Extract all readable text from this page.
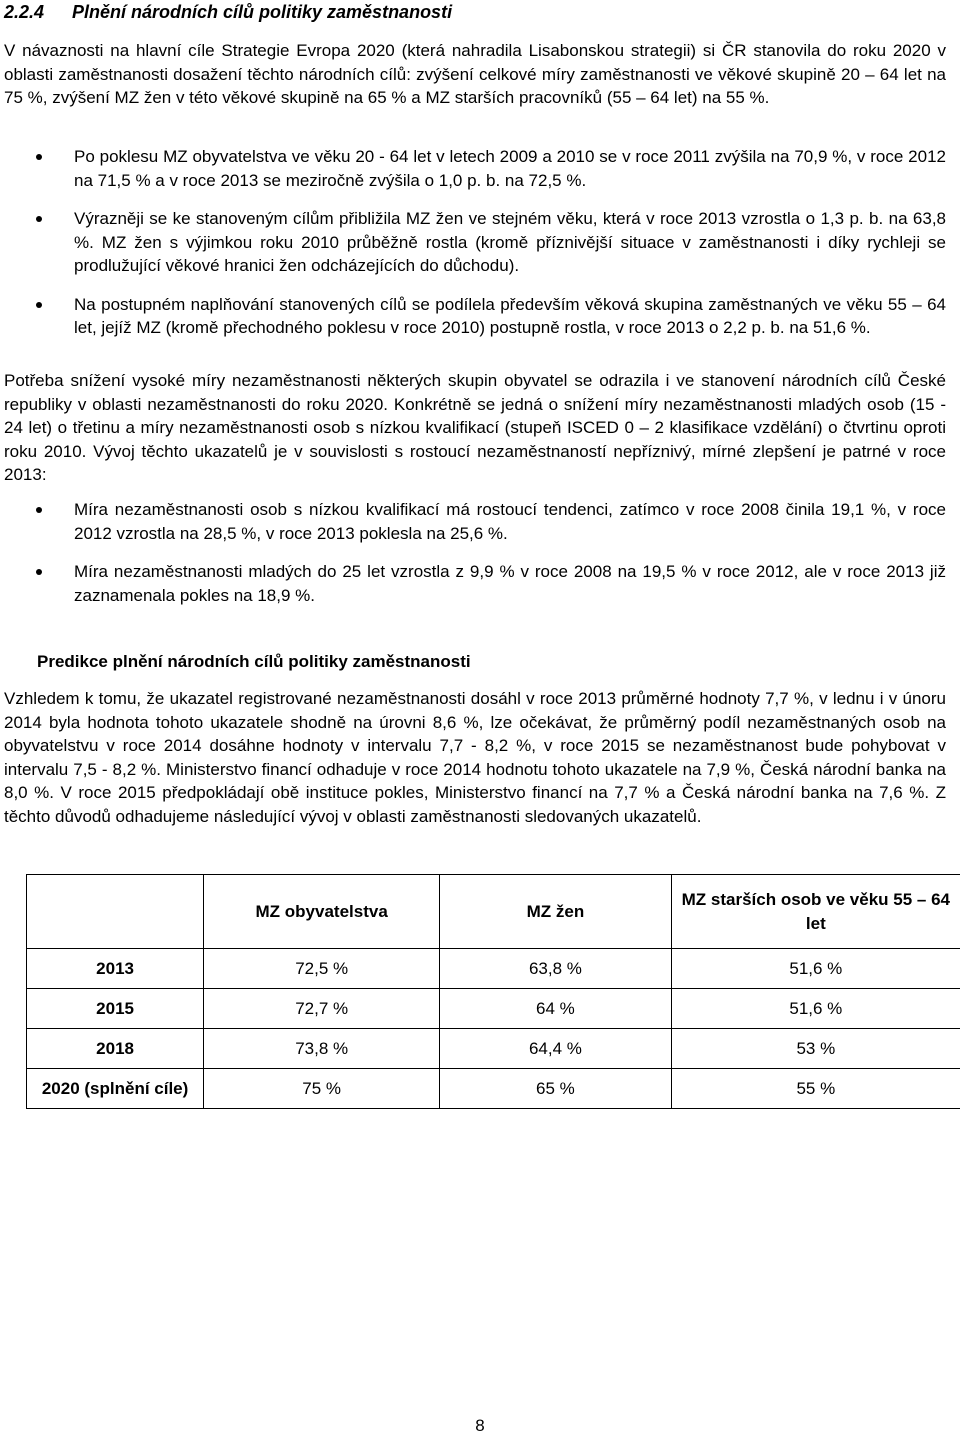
2.2.4 Plnění národních cílů politiky zaměstnanosti

V návaznosti na hlavní cíle Strategie Evropa 2020 (která nahradila Lisabonskou strategii) si ČR stanovila do roku 2020 v oblasti zaměstnanosti dosažení těchto národních cílů: zvýšení celkové míry zaměstnanosti ve věkové skupině 20 – 64 let na 75 %, zvýšení MZ žen v této věkové skupině na 65 % a MZ starších pracovníků (55 – 64 let) na 55 %.

Po poklesu MZ obyvatelstva ve věku 20 - 64 let v letech 2009 a 2010 se v roce 2011 zvýšila na 70,9 %, v roce 2012 na 71,5 % a v roce 2013 se meziročně zvýšila o 1,0 p. b. na 72,5 %.
Výrazněji se ke stanoveným cílům přibližila MZ žen ve stejném věku, která v roce 2013 vzrostla o 1,3 p. b. na 63,8 %. MZ žen s výjimkou roku 2010 průběžně rostla (kromě příznivější situace v zaměstnanosti i díky rychleji se prodlužující věkové hranici žen odcházejících do důchodu).
Na postupném naplňování stanovených cílů se podílela především věková skupina zaměstnaných ve věku 55 – 64 let, jejíž MZ (kromě přechodného poklesu v roce 2010) postupně rostla, v roce 2013 o 2,2 p. b. na 51,6 %.

Potřeba snížení vysoké míry nezaměstnanosti některých skupin obyvatel se odrazila i ve stanovení národních cílů České republiky v oblasti nezaměstnanosti do roku 2020. Konkrétně se jedná o snížení míry nezaměstnanosti mladých osob (15 - 24 let) o třetinu a míry nezaměstnanosti osob s nízkou kvalifikací (stupeň ISCED 0 – 2 klasifikace vzdělání) o čtvrtinu oproti roku 2010. Vývoj těchto ukazatelů je v souvislosti s rostoucí nezaměstnaností nepříznivý, mírné zlepšení je patrné v roce 2013:

Míra nezaměstnanosti osob s nízkou kvalifikací má rostoucí tendenci, zatímco v roce 2008 činila 19,1 %, v roce 2012 vzrostla na 28,5 %, v roce 2013 poklesla na 25,6 %.
Míra nezaměstnanosti mladých do 25 let vzrostla z 9,9 % v roce 2008 na 19,5 % v roce 2012, ale v roce 2013 již zaznamenala pokles na 18,9 %.
Predikce plnění národních cílů politiky zaměstnanosti

Vzhledem k tomu, že ukazatel registrované nezaměstnanosti dosáhl v roce 2013 průměrné hodnoty 7,7 %, v lednu i v únoru 2014 byla hodnota tohoto ukazatele shodně na úrovni 8,6 %, lze očekávat, že průměrný podíl nezaměstnaných osob na obyvatelstvu v roce 2014 dosáhne hodnoty v intervalu 7,7 - 8,2 %, v roce 2015 se nezaměstnanost bude pohybovat v intervalu 7,5 - 8,2 %. Ministerstvo financí odhaduje v roce 2014 hodnotu tohoto ukazatele na 7,9 %, Česká národní banka na 8,0 %. V roce 2015 předpokládají obě instituce pokles, Ministerstvo financí na 7,7 % a Česká národní banka na 7,6 %. Z těchto důvodů odhadujeme následující vývoj v oblasti zaměstnanosti sledovaných ukazatelů.

	MZ obyvatelstva	MZ žen	MZ starších osob ve věku 55 – 64 let
2013	72,5 %	63,8 %	51,6 %
2015	72,7 %	64 %	51,6 %
2018	73,8 %	64,4 %	53 %
2020 (splnění cíle)	75 %	65 %	55 %
8
